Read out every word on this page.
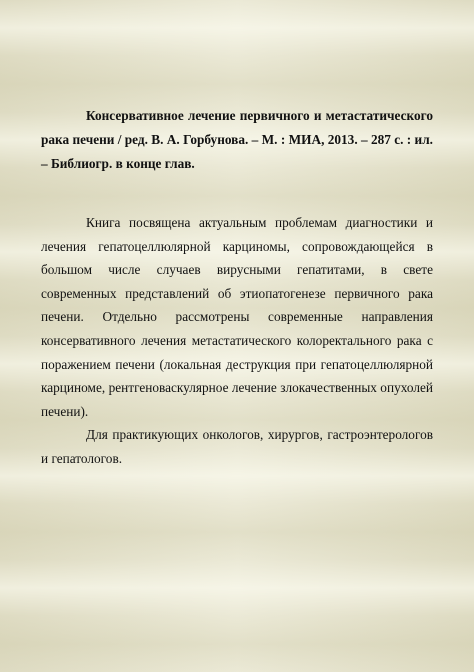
Консервативное лечение первичного и метастатического рака печени / ред. В. А. Горбунова. – М. : МИА, 2013. – 287 с. : ил. – Библиогр. в конце глав.

Книга посвящена актуальным проблемам диагностики и лечения гепатоцеллюлярной карциномы, сопровождающейся в большом числе случаев вирусными гепатитами, в свете современных представлений об этиопатогенезе первичного рака печени. Отдельно рассмотрены современные направления консервативного лечения метастатического колоректального рака с поражением печени (локальная деструкция при гепатоцеллюлярной карциноме, рентгеноваскулярное лечение злокачественных опухолей печени).

Для практикующих онкологов, хирургов, гастроэнтерологов и гепатологов.
